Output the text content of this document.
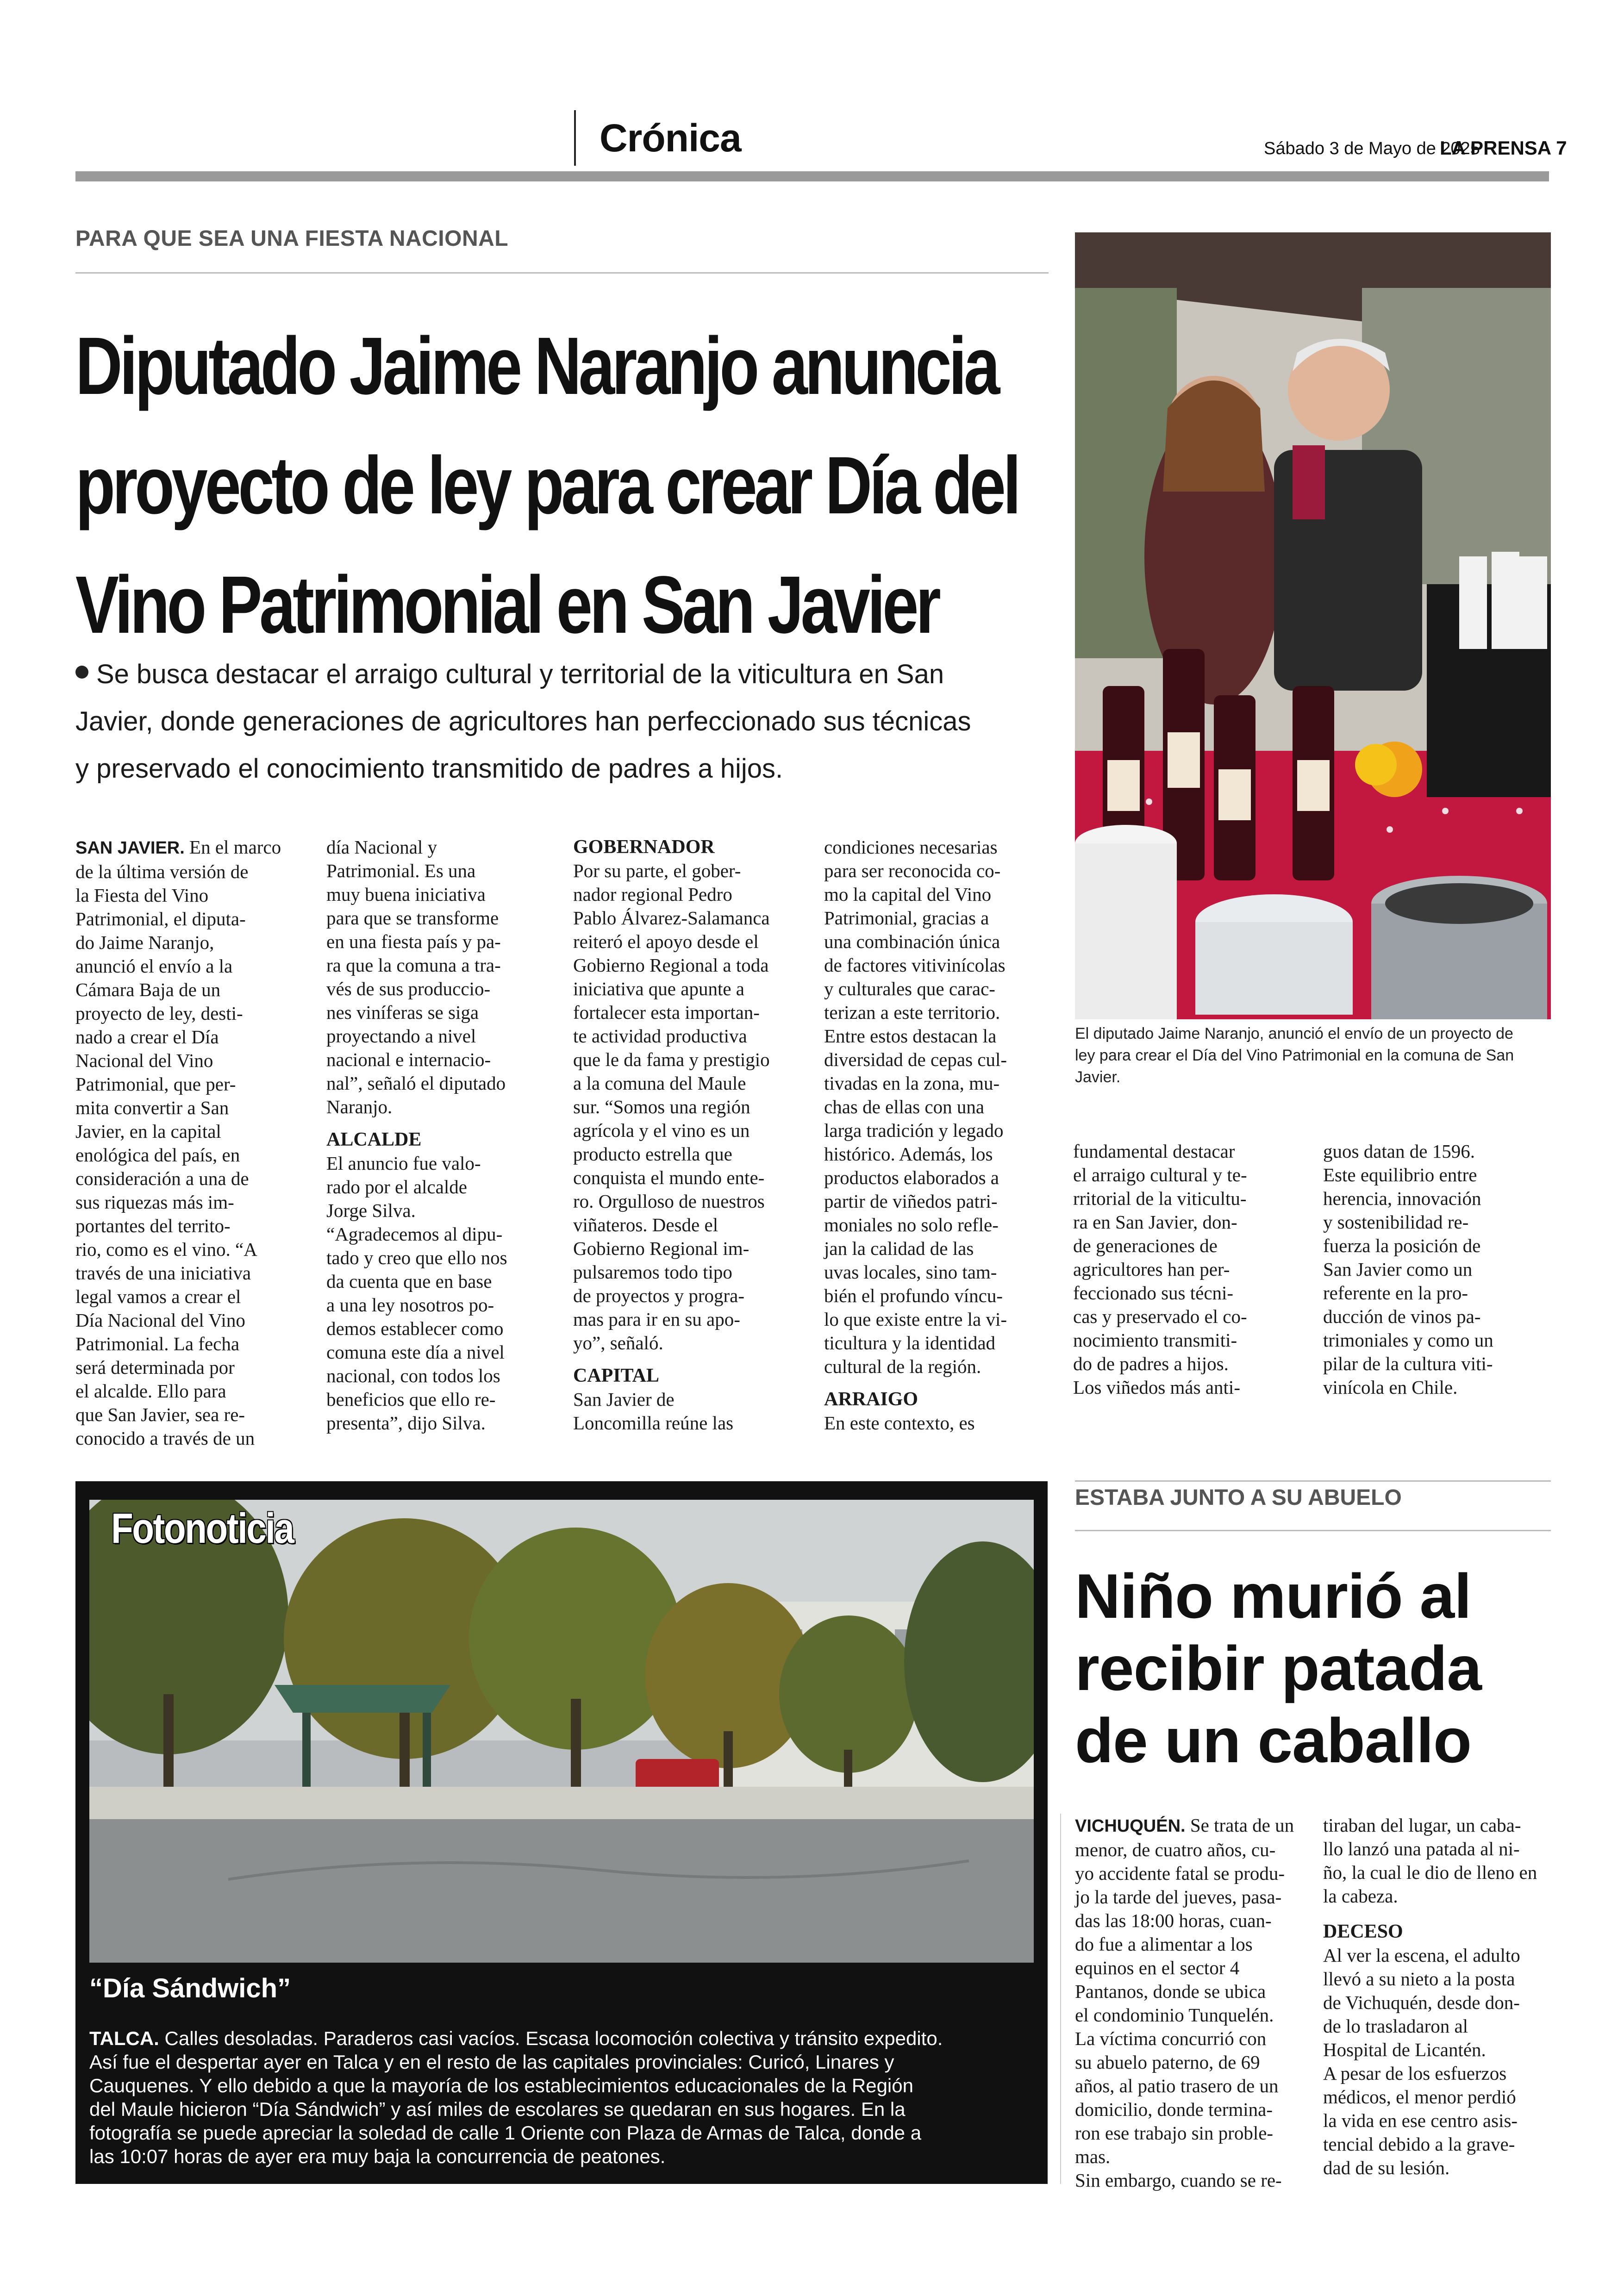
Crónica	Sábado 3 de Mayo de 2025
LA PRENSA 7
PARA QUE SEA UNA FIESTA NACIONAL
Diputado Jaime Naranjo anuncia
proyecto de ley para crear Día del
Vino Patrimonial en San Javier
Se busca destacar el arraigo cultural y territorial de la viticultura en San
Javier, donde generaciones de agricultores han perfeccionado sus técnicas
y preservado el conocimiento transmitido de padres a hijos.
El diputado Jaime Naranjo, anunció el envío de un proyecto de
ley para crear el Día del Vino Patrimonial en la comuna de San
Javier.
SAN JAVIER. En el marco
de la última versión de
la Fiesta del Vino
Patrimonial, el diputa-
do Jaime Naranjo,
anunció el envío a la
Cámara Baja de un
proyecto de ley, desti-
nado a crear el Día
Nacional del Vino
Patrimonial, que per-
mita convertir a San
Javier, en la capital
enológica del país, en
consideración a una de
sus riquezas más im-
portantes del territo-
rio, como es el vino. “A
través de una iniciativa
legal vamos a crear el
Día Nacional del Vino
Patrimonial. La fecha
será determinada por
el alcalde. Ello para
que San Javier, sea re-
conocido a través de un
día Nacional y
Patrimonial. Es una
muy buena iniciativa
para que se transforme
en una fiesta país y pa-
ra que la comuna a tra-
vés de sus produccio-
nes viníferas se siga
proyectando a nivel
nacional e internacio-
nal”, señaló el diputado
Naranjo.
ALCALDE
El anuncio fue valo-
rado por el alcalde
Jorge Silva.
“Agradecemos al dipu-
tado y creo que ello nos
da cuenta que en base
a una ley nosotros po-
demos establecer como
comuna este día a nivel
nacional, con todos los
beneficios que ello re-
presenta”, dijo Silva.
GOBERNADOR
Por su parte, el gober-
nador regional Pedro
Pablo Álvarez-Salamanca
reiteró el apoyo desde el
Gobierno Regional a toda
iniciativa que apunte a
fortalecer esta importan-
te actividad productiva
que le da fama y prestigio
a la comuna del Maule
sur. “Somos una región
agrícola y el vino es un
producto estrella que
conquista el mundo ente-
ro. Orgulloso de nuestros
viñateros. Desde el
Gobierno Regional im-
pulsaremos todo tipo
de proyectos y progra-
mas para ir en su apo-
yo”, señaló.
CAPITAL
San Javier de
Loncomilla reúne las
condiciones necesarias
para ser reconocida co-
mo la capital del Vino
Patrimonial, gracias a
una combinación única
de factores vitivinícolas
y culturales que carac-
terizan a este territorio.
Entre estos destacan la
diversidad de cepas cul-
tivadas en la zona, mu-
chas de ellas con una
larga tradición y legado
histórico. Además, los
productos elaborados a
partir de viñedos patri-
moniales no solo refle-
jan la calidad de las
uvas locales, sino tam-
bién el profundo víncu-
lo que existe entre la vi-
ticultura y la identidad
cultural de la región.
ARRAIGO
En este contexto, es
fundamental destacar
el arraigo cultural y te-
rritorial de la viticultu-
ra en San Javier, don-
de generaciones de
agricultores han per-
feccionado sus técni-
cas y preservado el co-
nocimiento transmiti-
do de padres a hijos.
Los viñedos más anti-
guos datan de 1596.
Este equilibrio entre
herencia, innovación
y sostenibilidad re-
fuerza la posición de
San Javier como un
referente en la pro-
ducción de vinos pa-
trimoniales y como un
pilar de la cultura viti-
vinícola en Chile.
Fotonoticia
“Día Sándwich”
TALCA. Calles desoladas. Paraderos casi vacíos. Escasa locomoción colectiva y tránsito expedito.
Así fue el despertar ayer en Talca y en el resto de las capitales provinciales: Curicó, Linares y
Cauquenes. Y ello debido a que la mayoría de los establecimientos educacionales de la Región
del Maule hicieron “Día Sándwich” y así miles de escolares se quedaran en sus hogares. En la
fotografía se puede apreciar la soledad de calle 1 Oriente con Plaza de Armas de Talca, donde a
las 10:07 horas de ayer era muy baja la concurrencia de peatones.
ESTABA JUNTO A SU ABUELO
Niño murió al
recibir patada
de un caballo
VICHUQUÉN. Se trata de un
menor, de cuatro años, cu-
yo accidente fatal se produ-
jo la tarde del jueves, pasa-
das las 18:00 horas, cuan-
do fue a alimentar a los
equinos en el sector 4
Pantanos, donde se ubica
el condominio Tunquelén.
La víctima concurrió con
su abuelo paterno, de 69
años, al patio trasero de un
domicilio, donde termina-
ron ese trabajo sin proble-
mas.
Sin embargo, cuando se re-
tiraban del lugar, un caba-
llo lanzó una patada al ni-
ño, la cual le dio de lleno en
la cabeza.
DECESO
Al ver la escena, el adulto
llevó a su nieto a la posta
de Vichuquén, desde don-
de lo trasladaron al
Hospital de Licantén.
A pesar de los esfuerzos
médicos, el menor perdió
la vida en ese centro asis-
tencial debido a la grave-
dad de su lesión.
